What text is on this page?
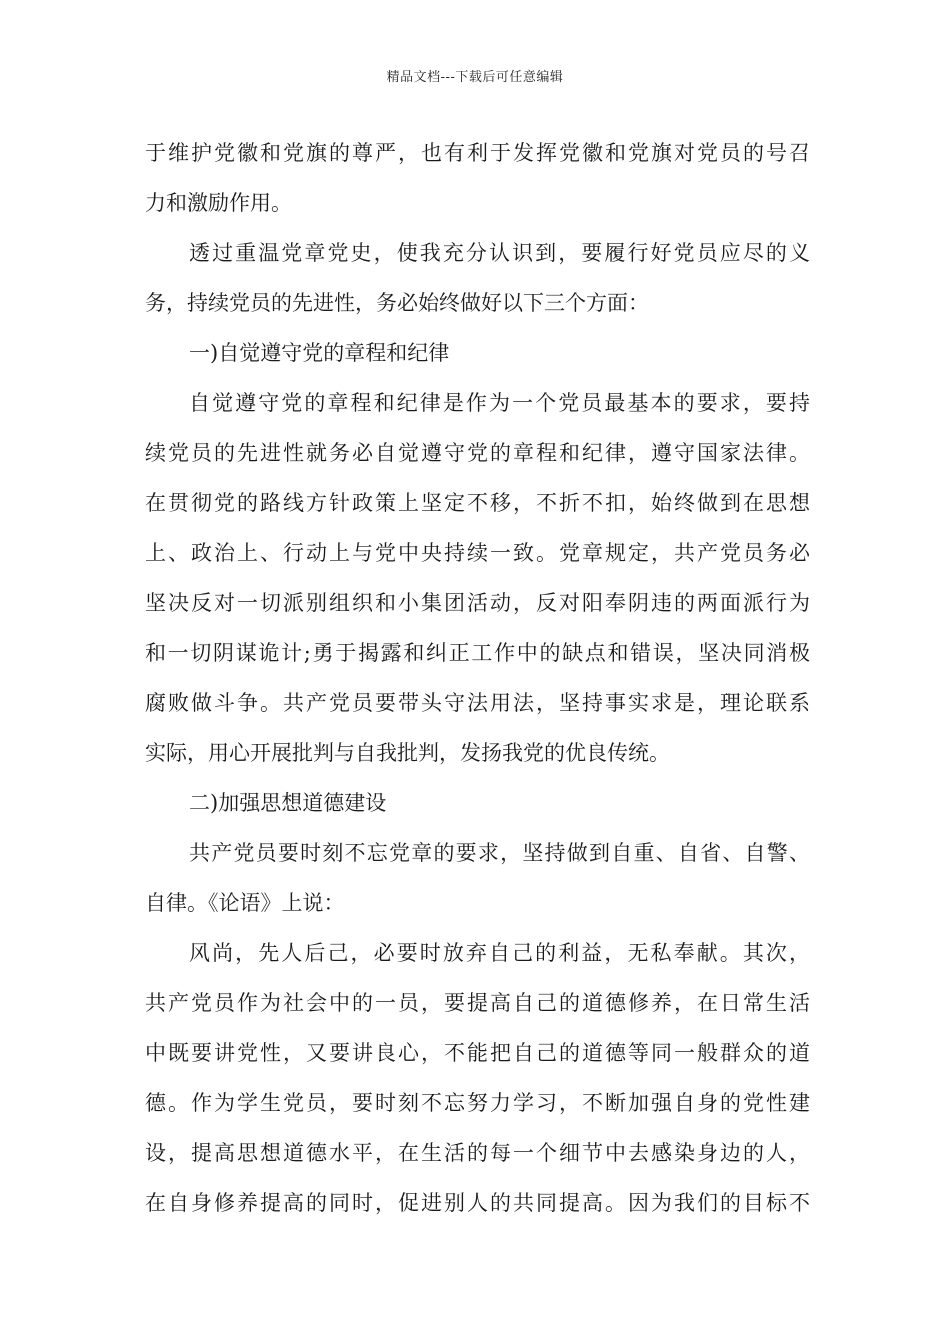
精品文档---下载后可任意编辑
于维护党徽和党旗的尊严，也有利于发挥党徽和党旗对党员的号召
力和激励作用。
透过重温党章党史，使我充分认识到，要履行好党员应尽的义
务，持续党员的先进性，务必始终做好以下三个方面：
一)自觉遵守党的章程和纪律
自觉遵守党的章程和纪律是作为一个党员最基本的要求，要持
续党员的先进性就务必自觉遵守党的章程和纪律，遵守国家法律。
在贯彻党的路线方针政策上坚定不移，不折不扣，始终做到在思想
上、政治上、行动上与党中央持续一致。党章规定，共产党员务必
坚决反对一切派别组织和小集团活动，反对阳奉阴违的两面派行为
和一切阴谋诡计;勇于揭露和纠正工作中的缺点和错误，坚决同消极
腐败做斗争。共产党员要带头守法用法，坚持事实求是，理论联系
实际，用心开展批判与自我批判，发扬我党的优良传统。
二)加强思想道德建设
共产党员要时刻不忘党章的要求，坚持做到自重、自省、自警、
自律。《论语》上说：
风尚，先人后己，必要时放弃自己的利益，无私奉献。其次，
共产党员作为社会中的一员，要提高自己的道德修养，在日常生活
中既要讲党性，又要讲良心，不能把自己的道德等同一般群众的道
德。作为学生党员，要时刻不忘努力学习，不断加强自身的党性建
设，提高思想道德水平，在生活的每一个细节中去感染身边的人，
在自身修养提高的同时，促进别人的共同提高。因为我们的目标不
